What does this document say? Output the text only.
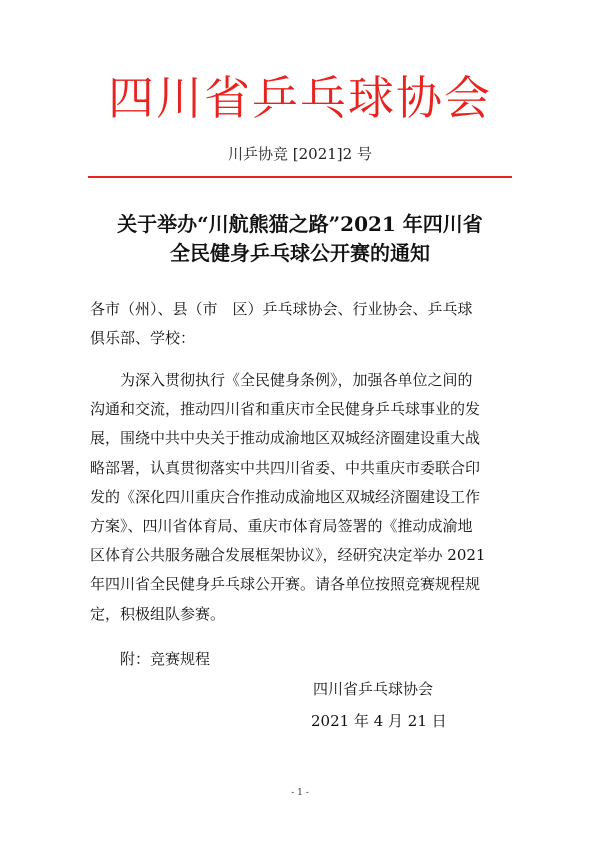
四川省乒乓球协会
川乒协竞 [2021]2 号
关于举办“川航熊猫之路”2021 年四川省
全民健身乒乓球公开赛的通知
各市（州）、县（市　区）乒乓球协会、行业协会、乒乓球
俱乐部、学校：
为深入贯彻执行《全民健身条例》，加强各单位之间的
沟通和交流，推动四川省和重庆市全民健身乒乓球事业的发
展，围绕中共中央关于推动成渝地区双城经济圈建设重大战
略部署，认真贯彻落实中共四川省委、中共重庆市委联合印
发的《深化四川重庆合作推动成渝地区双城经济圈建设工作
方案》、四川省体育局、重庆市体育局签署的《推动成渝地
区体育公共服务融合发展框架协议》，经研究决定举办 2021
年四川省全民健身乒乓球公开赛。请各单位按照竞赛规程规
定，积极组队参赛。
附：竞赛规程
四川省乒乓球协会
2021 年 4 月 21 日
- 1 -
